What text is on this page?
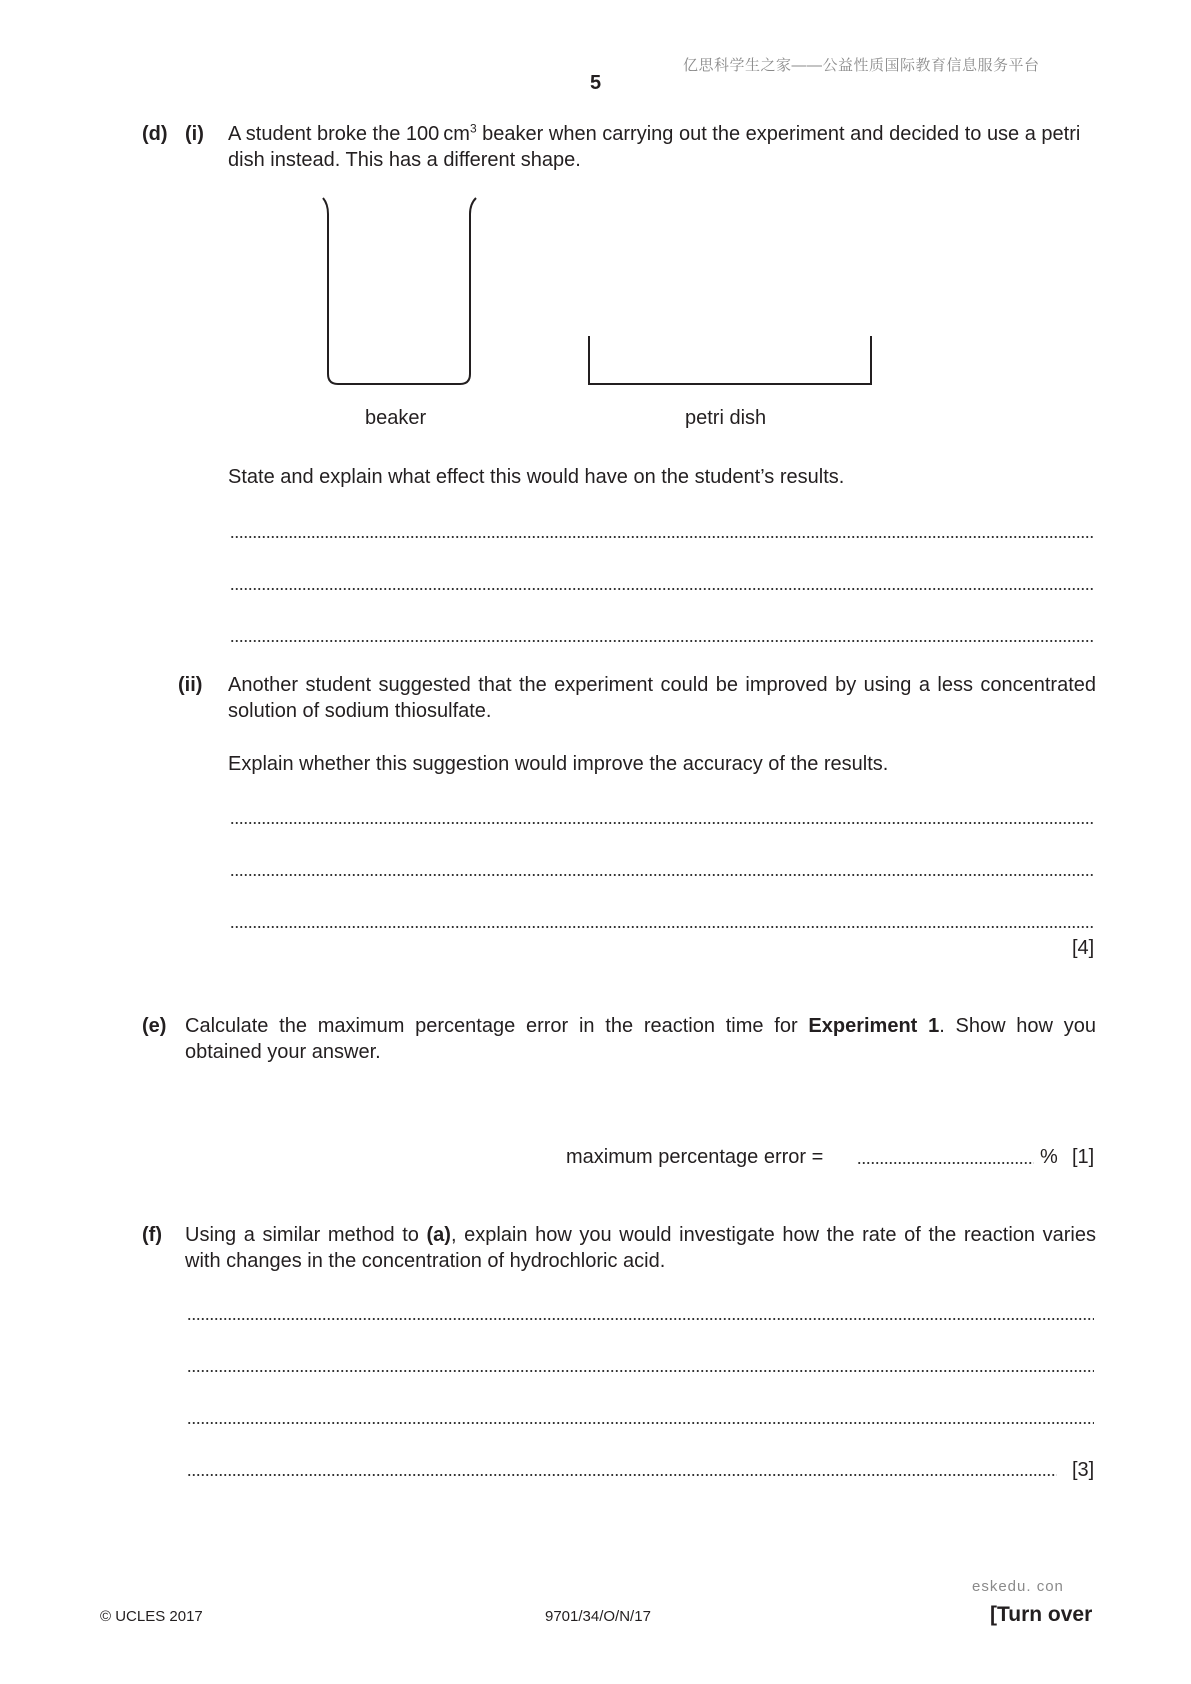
亿思科学生之家——公益性质国际教育信息服务平台
5
(d) (i) A student broke the 100 $cm^3$ beaker when carrying out the experiment and decided to use a petri dish instead. This has a different shape.
beaker	petri dish
State and explain what effect this would have on the student’s results.
(ii) Another student suggested that the experiment could be improved by using a less concentrated solution of sodium thiosulfate.
Explain whether this suggestion would improve the accuracy of the results.
[4]
(e) Calculate the maximum percentage error in the reaction time for Experiment 1. Show how you obtained your answer.
maximum percentage error =	% [1]
(f) Using a similar method to (a), explain how you would investigate how the rate of the reaction varies with changes in the concentration of hydrochloric acid.
[3]
eskedu. con
© UCLES 2017	9701/34/O/N/17	[Turn over
